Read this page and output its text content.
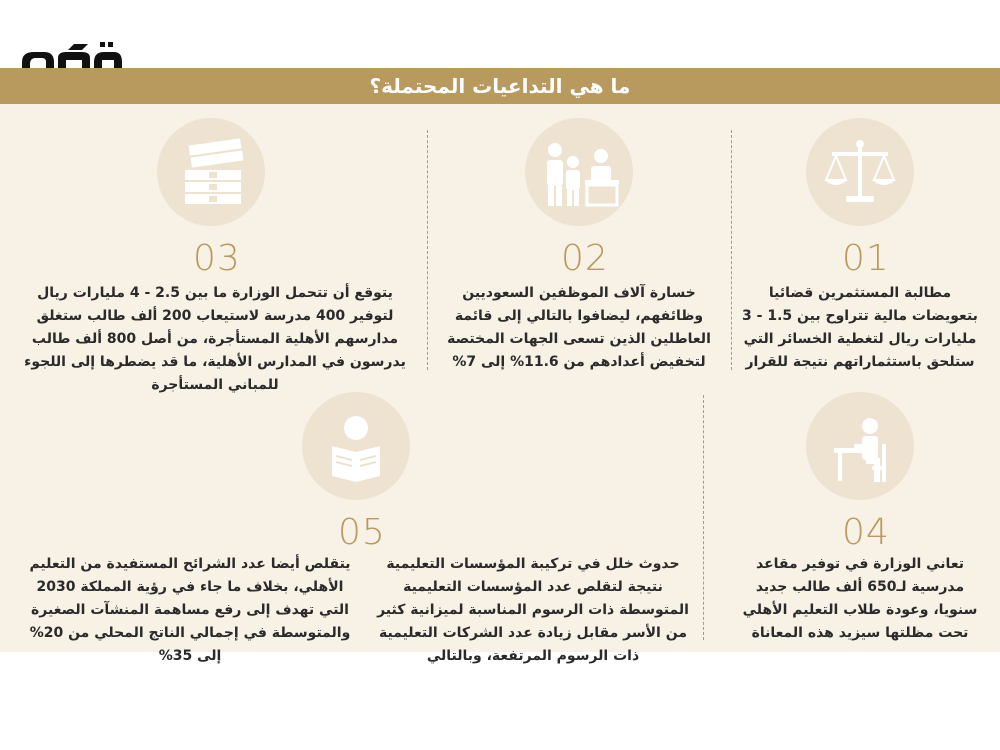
ما هي التداعيات المحتملة؟
01
مطالبة المستثمرين قضائيا بتعويضات مالية تتراوح بين 1.5 - 3 مليارات ريال لتغطية الخسائر التي ستلحق باستثماراتهم نتيجة للقرار
02
خسارة آلاف الموظفين السعوديين وظائفهم، ليضافوا بالتالي إلى قائمة العاطلين الذين تسعى الجهات المختصة لتخفيض أعدادهم من 11.6% إلى 7%
03
يتوقع أن تتحمل الوزارة ما بين 2.5 - 4 مليارات ريال لتوفير 400 مدرسة لاستيعاب 200 ألف طالب ستغلق مدارسهم الأهلية المستأجرة، من أصل 800 ألف طالب يدرسون في المدارس الأهلية، ما قد يضطرها إلى اللجوء للمباني المستأجرة
04
تعاني الوزارة في توفير مقاعد مدرسية لـ650 ألف طالب جديد سنويا، وعودة طلاب التعليم الأهلي تحت مظلتها سيزيد هذه المعاناة
05
حدوث خلل في تركيبة المؤسسات التعليمية نتيجة لتقلص عدد المؤسسات التعليمية المتوسطة ذات الرسوم المناسبة لميزانية كثير من الأسر مقابل زيادة عدد الشركات التعليمية ذات الرسوم المرتفعة، وبالتالي
يتقلص أيضا عدد الشرائح المستفيدة من التعليم الأهلي، بخلاف ما جاء في رؤية المملكة 2030 التي تهدف إلى رفع مساهمة المنشآت الصغيرة والمتوسطة في إجمالي الناتج المحلي من 20% إلى 35%
